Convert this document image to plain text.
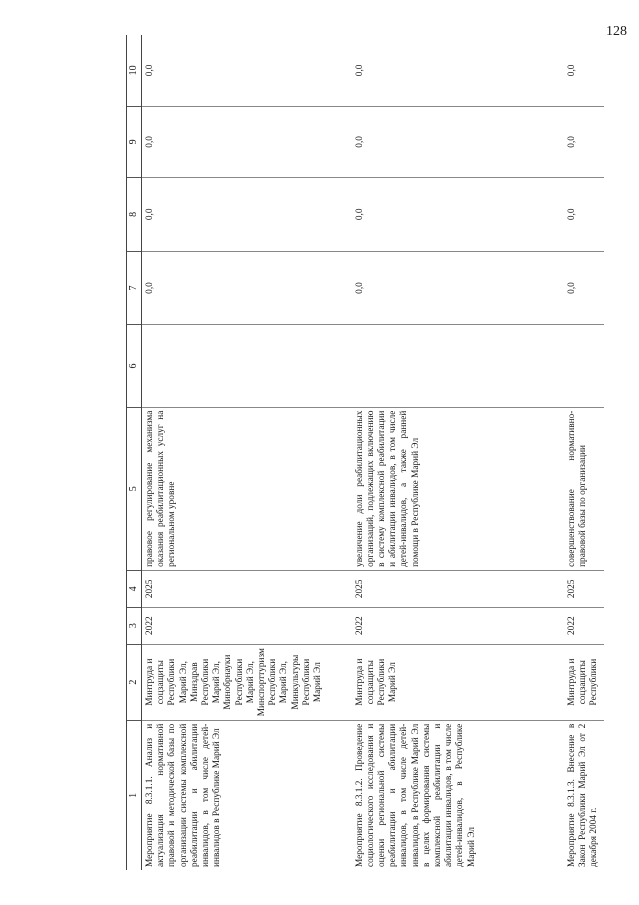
128
1	2	3	4	5	6	7	8	9	10
Мероприятие 8.3.1.1. Анализ и актуализация нормативной правовой и методической базы по организации системы комплексной реабилитации и абилитации инвалидов, в том числе детей-инвалидов в Республике Марий Эл	Минтруда и соцзащиты Республики Марий Эл, Минздрав Республики Марий Эл, Минобрнауки Республики Марий Эл, Минспорттуризм Республики Марий Эл, Минкультуры Республики Марий Эл	2022	2025	правовое регулирование механизма оказания реабилитационных услуг на региональном уровне		0,0	0,0	0,0	0,0
Мероприятие 8.3.1.2. Проведение социологического исследования и оценки региональной системы реабилитации и абилитации инвалидов, в том числе детей-инвалидов, в Республике Марий Эл в целях формирования системы комплексной реабилитации и абилитации инвалидов, в том числе детей-инвалидов, в Республике Марий Эл	Минтруда и соцзащиты Республики Марий Эл	2022	2025	увеличение доли реабилитационных организаций, подлежащих включению в систему комплексной реабилитации и абилитации инвалидов, в том числе детей-инвалидов, а также ранней помощи в Республике Марий Эл		0,0	0,0	0,0	0,0
Мероприятие 8.3.1.3. Внесение в Закон Республики Марий Эл от 2 декабря 2004 г.	Минтруда и соцзащиты Республики	2022	2025	совершенствование нормативно-правовой базы по организации		0,0	0,0	0,0	0,0
